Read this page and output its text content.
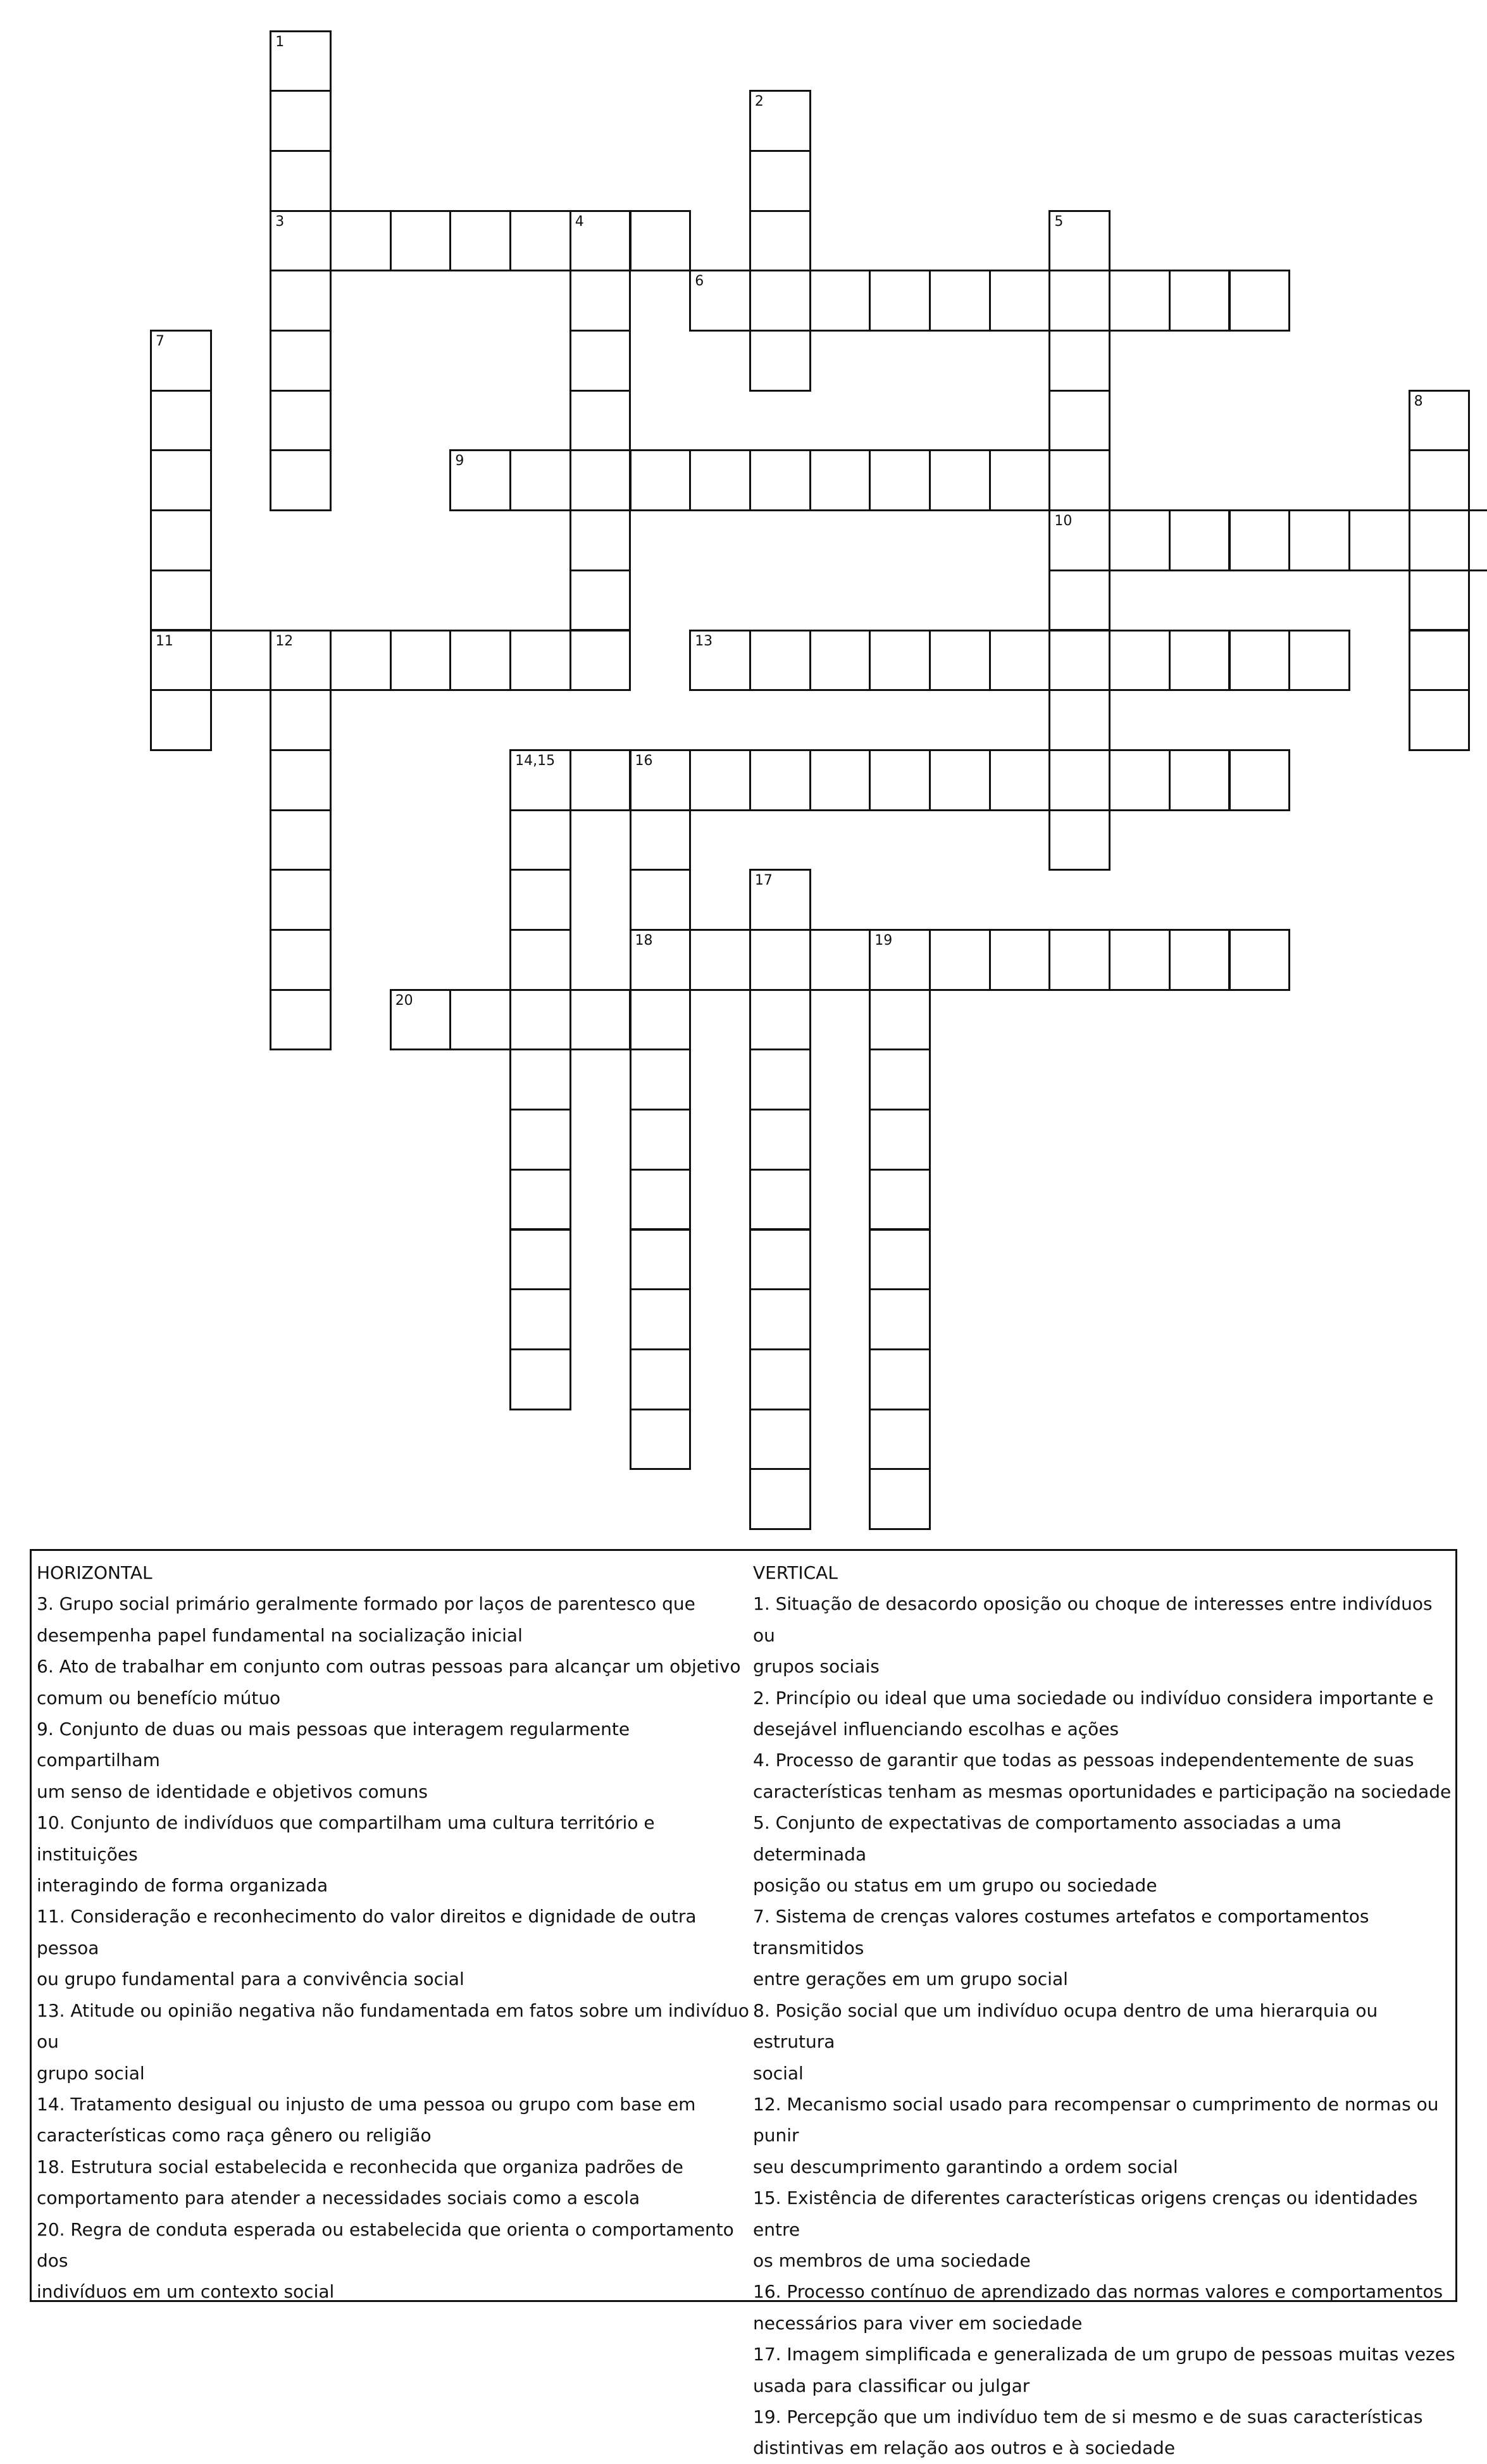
1
2
3	4	5
6
7
8
9
10
11	12	13
14,15	16
17
18	19
20

HORIZONTAL

3. Grupo social primário geralmente formado por laços de parentesco que

desempenha papel fundamental na socialização inicial

6. Ato de trabalhar em conjunto com outras pessoas para alcançar um objetivo

comum ou benefício mútuo

9. Conjunto de duas ou mais pessoas que interagem regularmente compartilham

um senso de identidade e objetivos comuns

10. Conjunto de indivíduos que compartilham uma cultura território e instituições

interagindo de forma organizada

11. Consideração e reconhecimento do valor direitos e dignidade de outra pessoa

ou grupo fundamental para a convivência social

13. Atitude ou opinião negativa não fundamentada em fatos sobre um indivíduo ou

grupo social

14. Tratamento desigual ou injusto de uma pessoa ou grupo com base em

características como raça gênero ou religião

18. Estrutura social estabelecida e reconhecida que organiza padrões de

comportamento para atender a necessidades sociais como a escola

20. Regra de conduta esperada ou estabelecida que orienta o comportamento dos

indivíduos em um contexto social

VERTICAL

1. Situação de desacordo oposição ou choque de interesses entre indivíduos ou

grupos sociais

2. Princípio ou ideal que uma sociedade ou indivíduo considera importante e

desejável influenciando escolhas e ações

4. Processo de garantir que todas as pessoas independentemente de suas

características tenham as mesmas oportunidades e participação na sociedade

5. Conjunto de expectativas de comportamento associadas a uma determinada

posição ou status em um grupo ou sociedade

7. Sistema de crenças valores costumes artefatos e comportamentos transmitidos

entre gerações em um grupo social

8. Posição social que um indivíduo ocupa dentro de uma hierarquia ou estrutura

social

12. Mecanismo social usado para recompensar o cumprimento de normas ou punir

seu descumprimento garantindo a ordem social

15. Existência de diferentes características origens crenças ou identidades entre

os membros de uma sociedade

16. Processo contínuo de aprendizado das normas valores e comportamentos

necessários para viver em sociedade

17. Imagem simplificada e generalizada de um grupo de pessoas muitas vezes

usada para classificar ou julgar

19. Percepção que um indivíduo tem de si mesmo e de suas características

distintivas em relação aos outros e à sociedade
